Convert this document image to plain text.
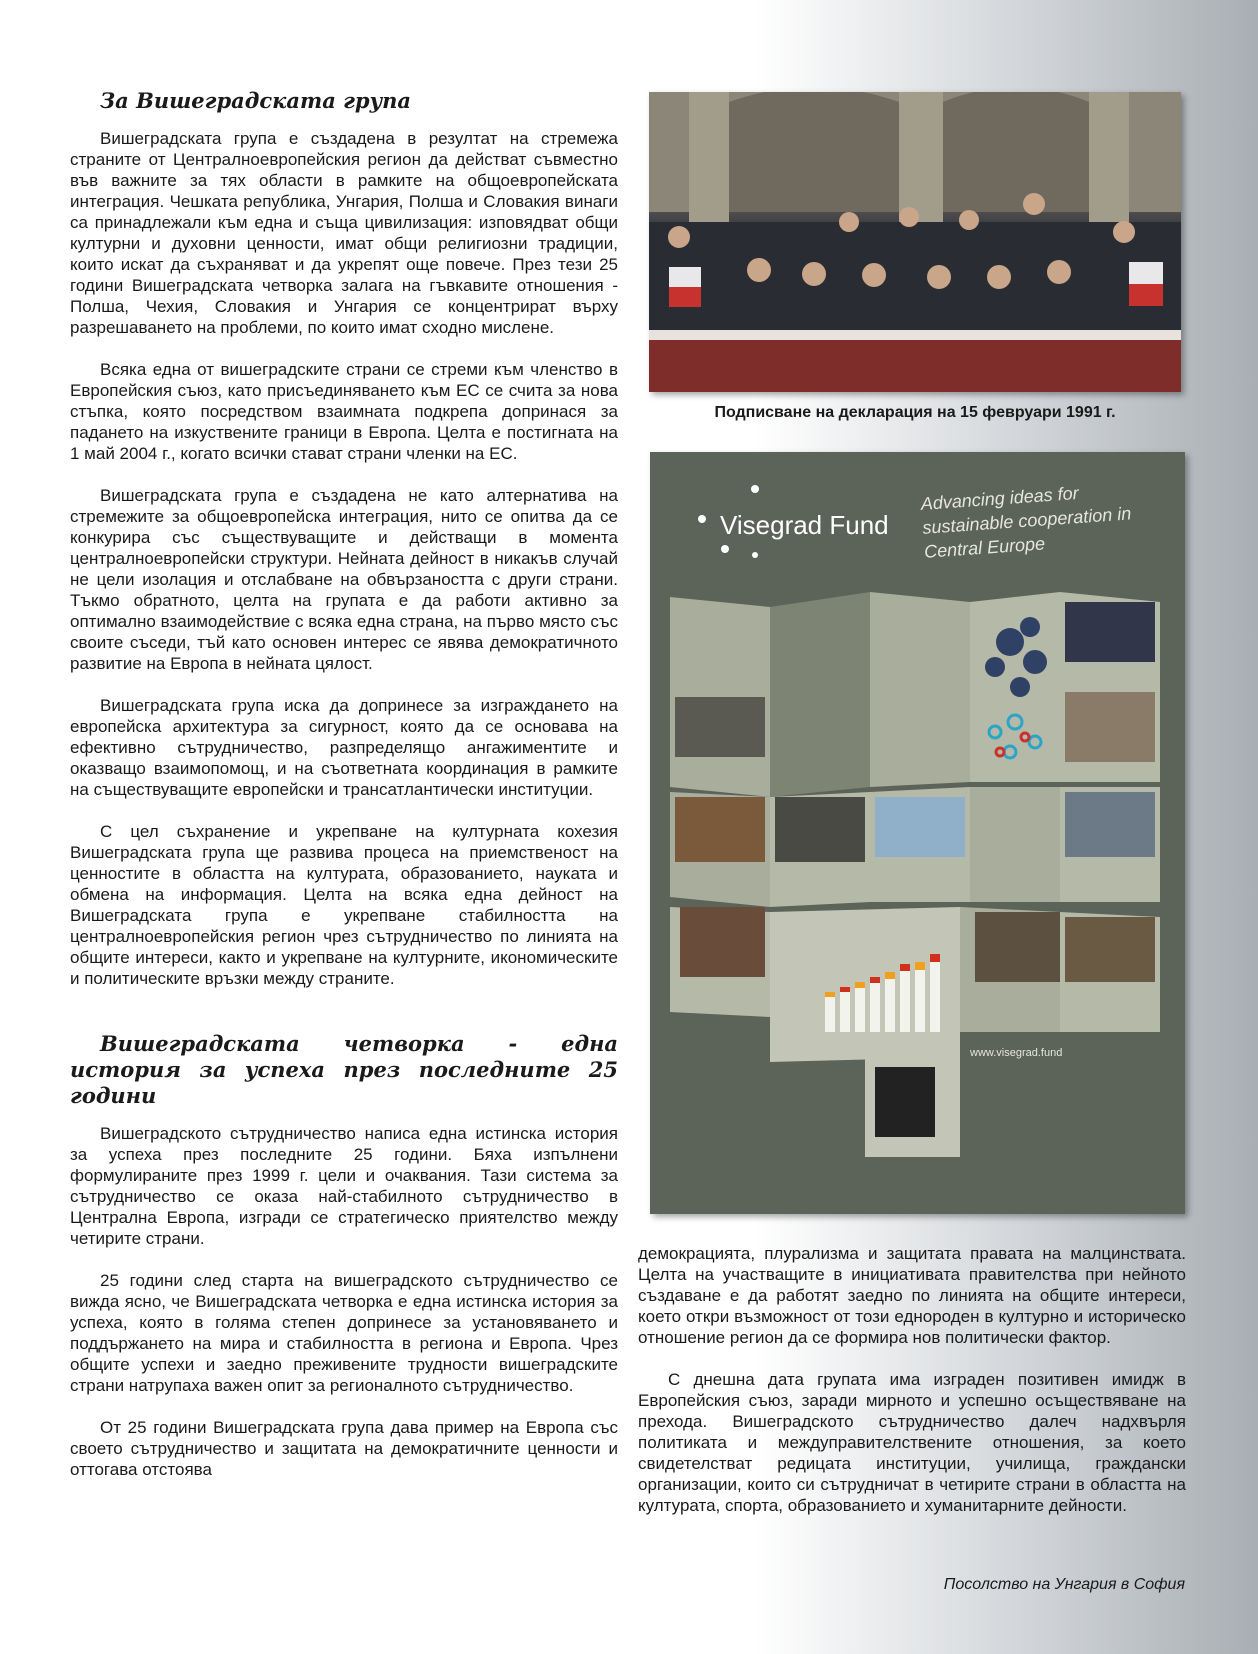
За Вишеградската група

Вишеградската група е създадена в резултат на стремежа страните от Централноевропейския регион да действат съвместно във важните за тях области в рамките на общоевропейската интеграция. Чешката република, Унгария, Полша и Словакия винаги са принадлежали към една и съща цивилизация: изповядват общи културни и духовни ценности, имат общи религиозни традиции, които искат да съхраняват и да укрепят още повече. През тези 25 години Вишеградската четворка залага на гъвкавите отношения - Полша, Чехия, Словакия и Унгария се концентрират върху разрешаването на проблеми, по които имат сходно мислене.

Всяка една от вишеградските страни се стреми към членство в Европейския съюз, като присъединяването към ЕС се счита за нова стъпка, която посредством взаимната подкрепа допринася за падането на изкуствените граници в Европа. Целта е постигната на 1 май 2004 г., когато всички стават страни членки на ЕС.

Вишеградската група е създадена не като алтернатива на стремежите за общоевропейска интеграция, нито се опитва да се конкурира със съществуващите и действащи в момента централноевропейски структури. Нейната дейност в никакъв случай не цели изолация и отслабване на обвързаността с други страни. Тъкмо обратното, целта на групата е да работи активно за оптимално взаимодействие с всяка една страна, на първо място със своите съседи, тъй като основен интерес се явява демократичното развитие на Европа в нейната цялост.

Вишеградската група иска да допринесе за изграждането на европейска архитектура за сигурност, която да се основава на ефективно сътрудничество, разпределящо ангажиментите и оказващо взаимопомощ, и на съответната координация в рамките на съществуващите европейски и трансатлантически институции.

С цел съхранение и укрепване на културната кохезия Вишеградската група ще развива процеса на приемственост на ценностите в областта на културата, образованието, науката и обмена на информация. Целта на всяка една дейност на Вишеградската група е укрепване стабилността на централноевропейския регион чрез сътрудничество по линията на общите интереси, както и укрепване на културните, икономическите и политическите връзки между страните.

Вишеградската четворка - една история за успеха през последните 25 години

Вишеградското сътрудничество написа една истинска история за успеха през последните 25 години. Бяха изпълнени формулираните през 1999 г. цели и очаквания. Тази система за сътрудничество се оказа най-стабилното сътрудничество в Централна Европа, изгради се стратегическо приятелство между четирите страни.

25 години след старта на вишеградското сътрудничество се вижда ясно, че Вишеградската четворка е една истинска история за успеха, която в голяма степен допринесе за установяването и поддържането на мира и стабилността в региона и Европа. Чрез общите успехи и заедно преживените трудности вишеградските страни натрупаха важен опит за регионалното сътрудничество.

От 25 години Вишеградската група дава пример на Европа със своето сътрудничество и защитата на демократичните ценности и оттогава отстоява

Подписване на декларация на 15 февруари 1991 г.
Visegrad Fund
Advancing ideas for sustainable cooperation in Central Europe
www.visegrad.fund

демокрацията, плурализма и защитата правата на малцинствата. Целта на участващите в инициативата правителства при нейното създаване е да работят заедно по линията на общите интереси, което откри възможност от този еднороден в културно и историческо отношение регион да се формира нов политически фактор.

С днешна дата групата има изграден позитивен имидж в Европейския съюз, заради мирното и успешно осъществяване на прехода. Вишеградското сътрудничество далеч надхвърля политиката и междуправителствените отношения, за което свидетелстват редицата институции, училища, граждански организации, които си сътрудничат в четирите страни в областта на културата, спорта, образованието и хуманитарните дейности.

Посолство на Унгария в София
